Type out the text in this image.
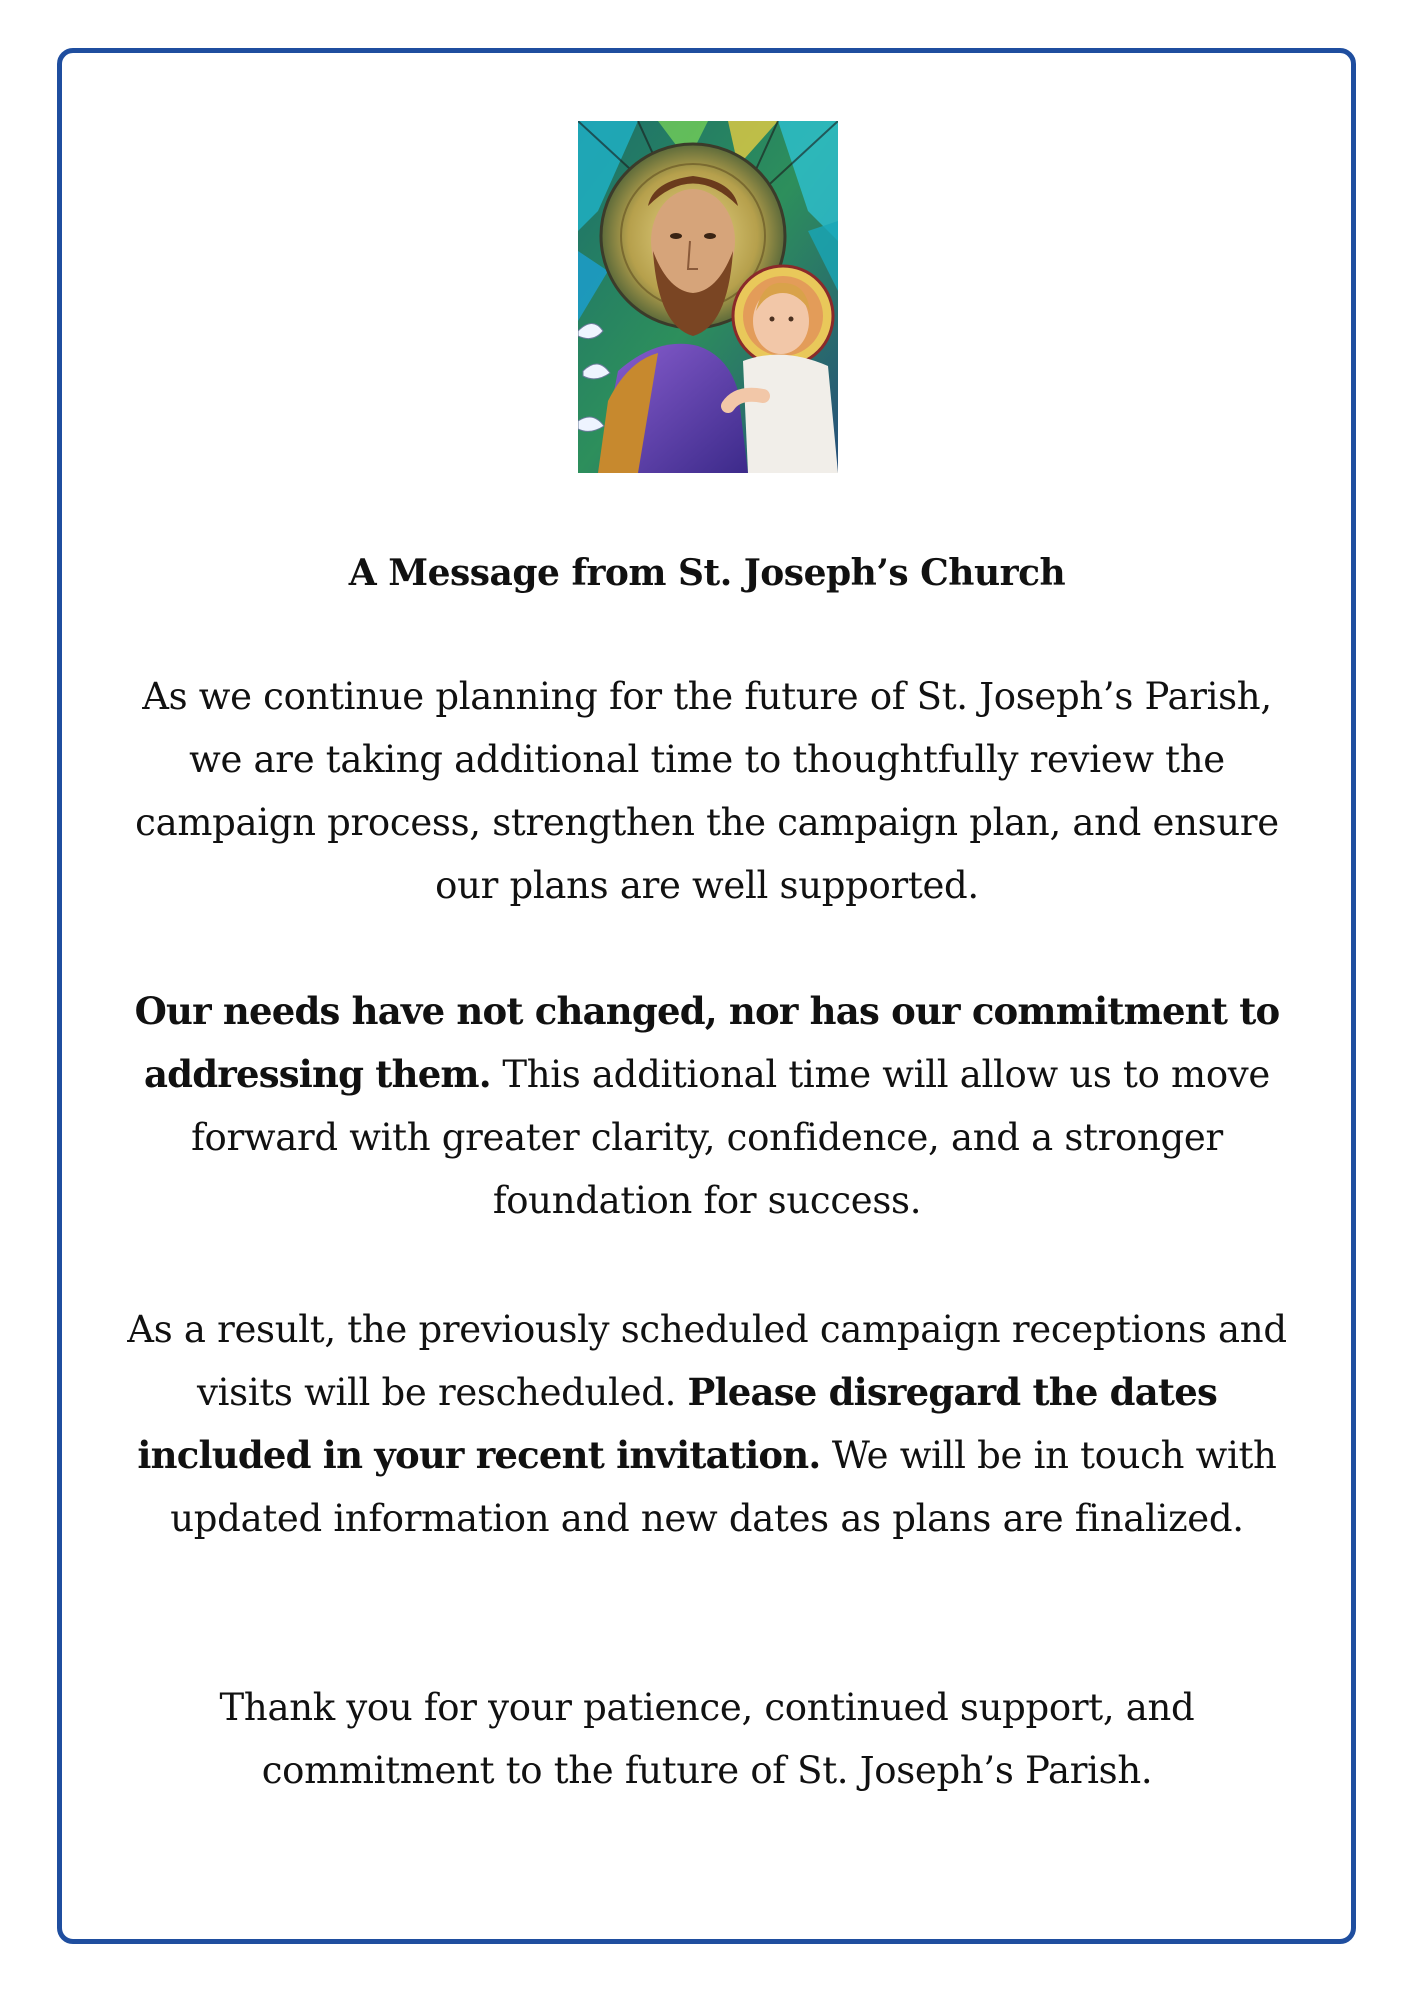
A Message from St. Joseph’s Church
As we continue planning for the future of St. Joseph’s Parish, we are taking additional time to thoughtfully review the campaign process, strengthen the campaign plan, and ensure our plans are well supported.
Our needs have not changed, nor has our commitment to addressing them. This additional time will allow us to move forward with greater clarity, confidence, and a stronger foundation for success.
As a result, the previously scheduled campaign receptions and visits will be rescheduled. Please disregard the dates included in your recent invitation. We will be in touch with updated information and new dates as plans are finalized.
Thank you for your patience, continued support, and commitment to the future of St. Joseph’s Parish.
